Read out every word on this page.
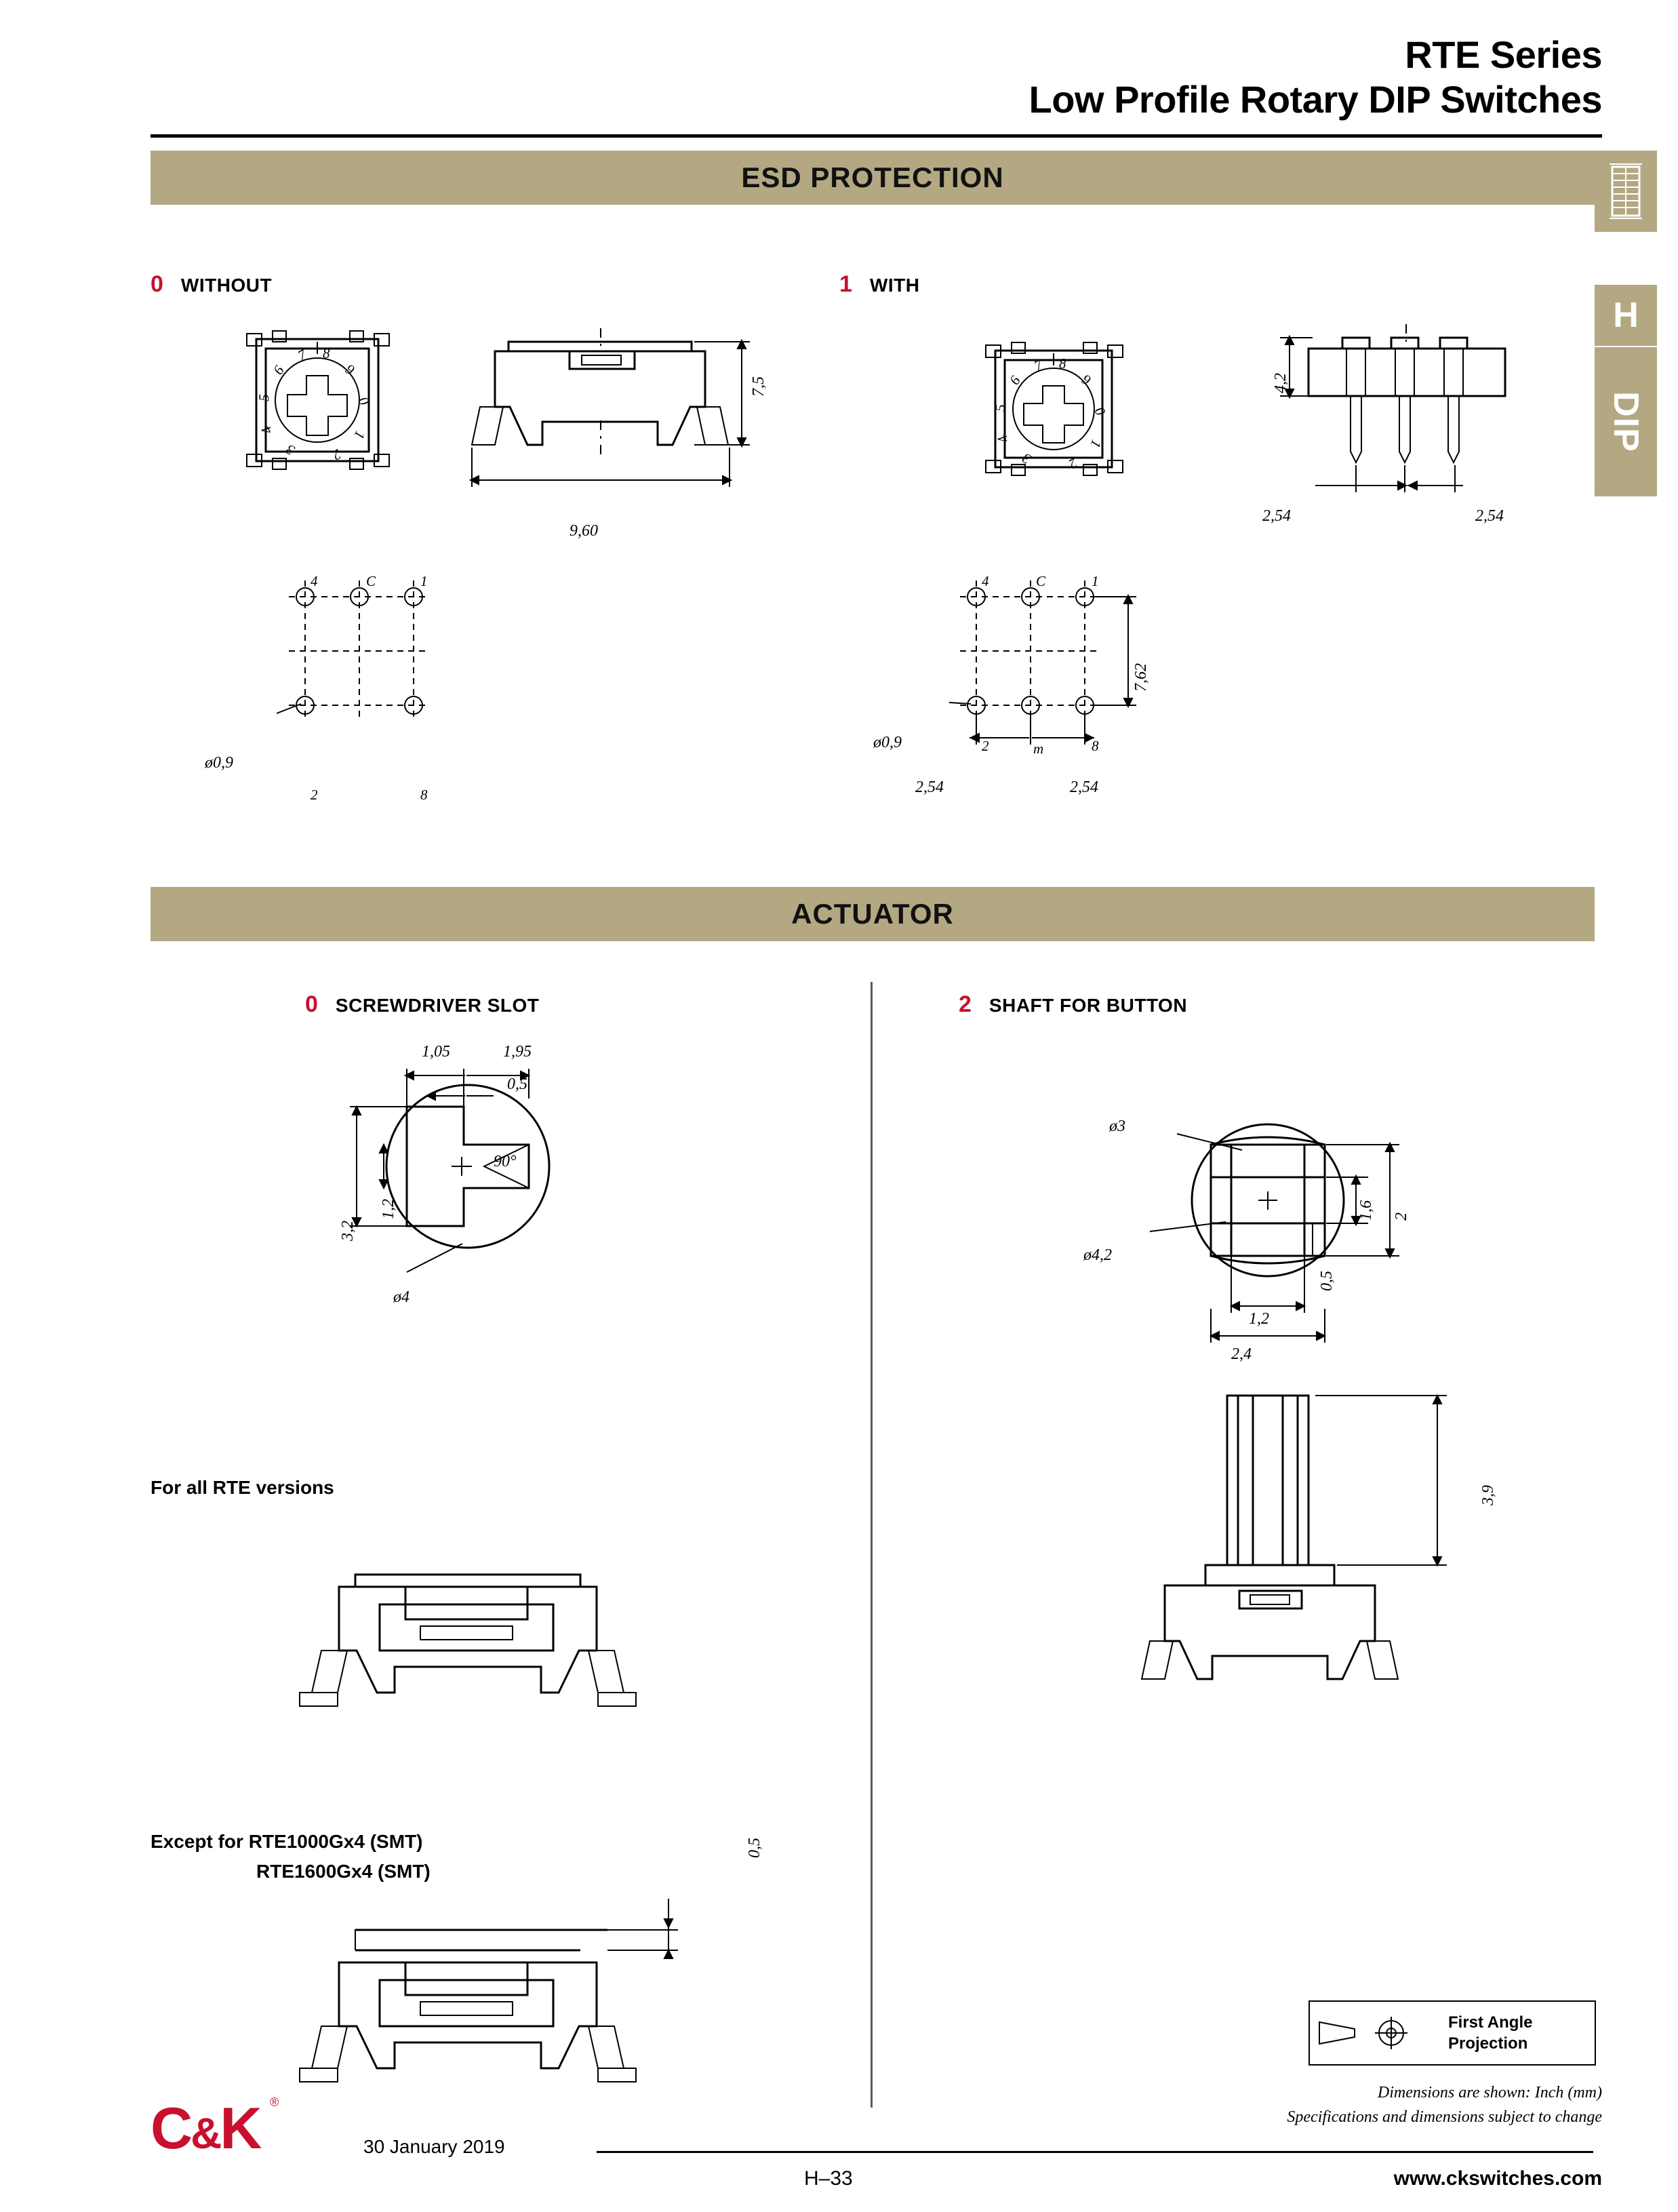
RTE Series
Low Profile Rotary DIP Switches
H
DIP
ESD PROTECTION
0 WITHOUT	1 WITH
7 8
6	9
5	0
4	1
3 2
7,5
9,60
4	C	1
2	8
ø0,9
7 8
6	9
5	0
4	1
3 2
4,2
2,54	2,54
4	C	1
2	m	8
ø0,9
7,62
2,54	2,54
ACTUATOR
0 SCREWDRIVER SLOT	2 SHAFT FOR BUTTON
1,05	1,95
0,5
3,2
1,2
90°
ø4
ø3
ø4,2
1,6 2
0,5
1,2
2,4
3,9
For all RTE versions
Except for RTE1000Gx4 (SMT)
RTE1600Gx4 (SMT)
0,5
First Angle
Projection
Dimensions are shown: Inch (mm)
Specifications and dimensions subject to change
C&K ®
30 January 2019
H–33	www.ckswitches.com
